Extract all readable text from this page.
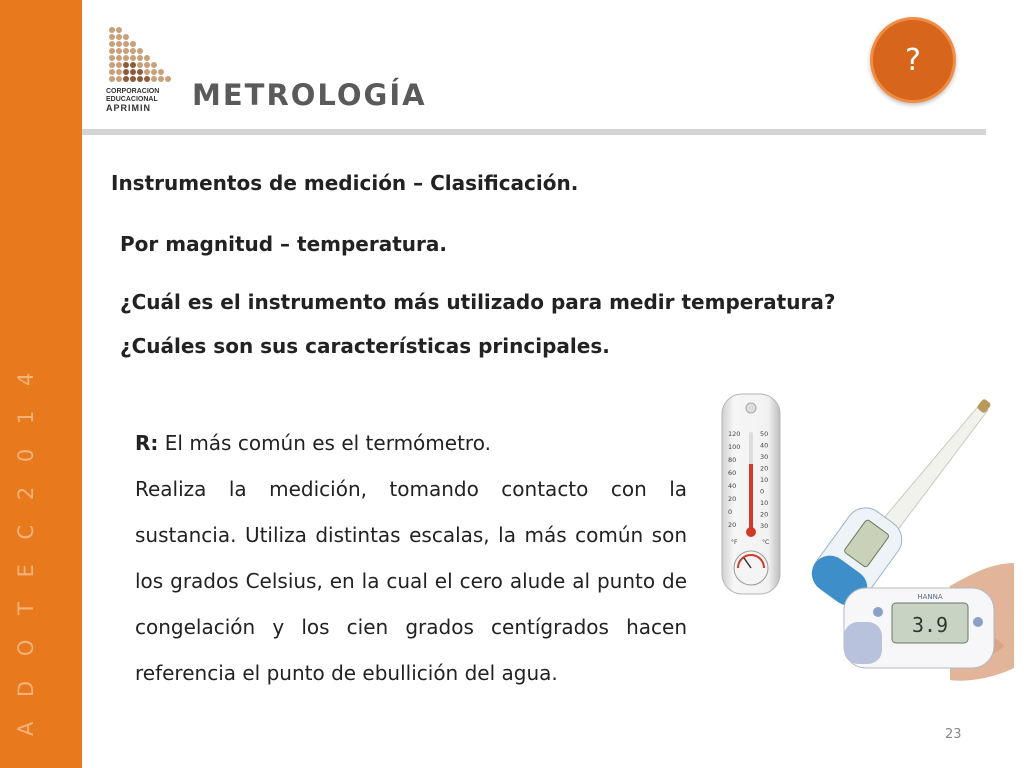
A D O T E C 2 0 1 4
CORPORACION
EDUCACIONAL
APRIMIN	METROLOGÍA
?
Instrumentos de medición – Clasificación.
Por magnitud – temperatura.
¿Cuál es el instrumento más utilizado para medir temperatura? ¿Cuáles son sus características principales.
R: El más común es el termómetro.
Realiza la medición, tomando contacto con la sustancia. Utiliza distintas escalas, la más común son los grados Celsius, en la cual el cero alude al punto de congelación y los cien grados centígrados hacen referencia el punto de ebullición del agua.
120
100
80
60
40
20
0
20
50
40
30
20
10
0
10
20
30
°F	°C
3.9
HANNA
23
